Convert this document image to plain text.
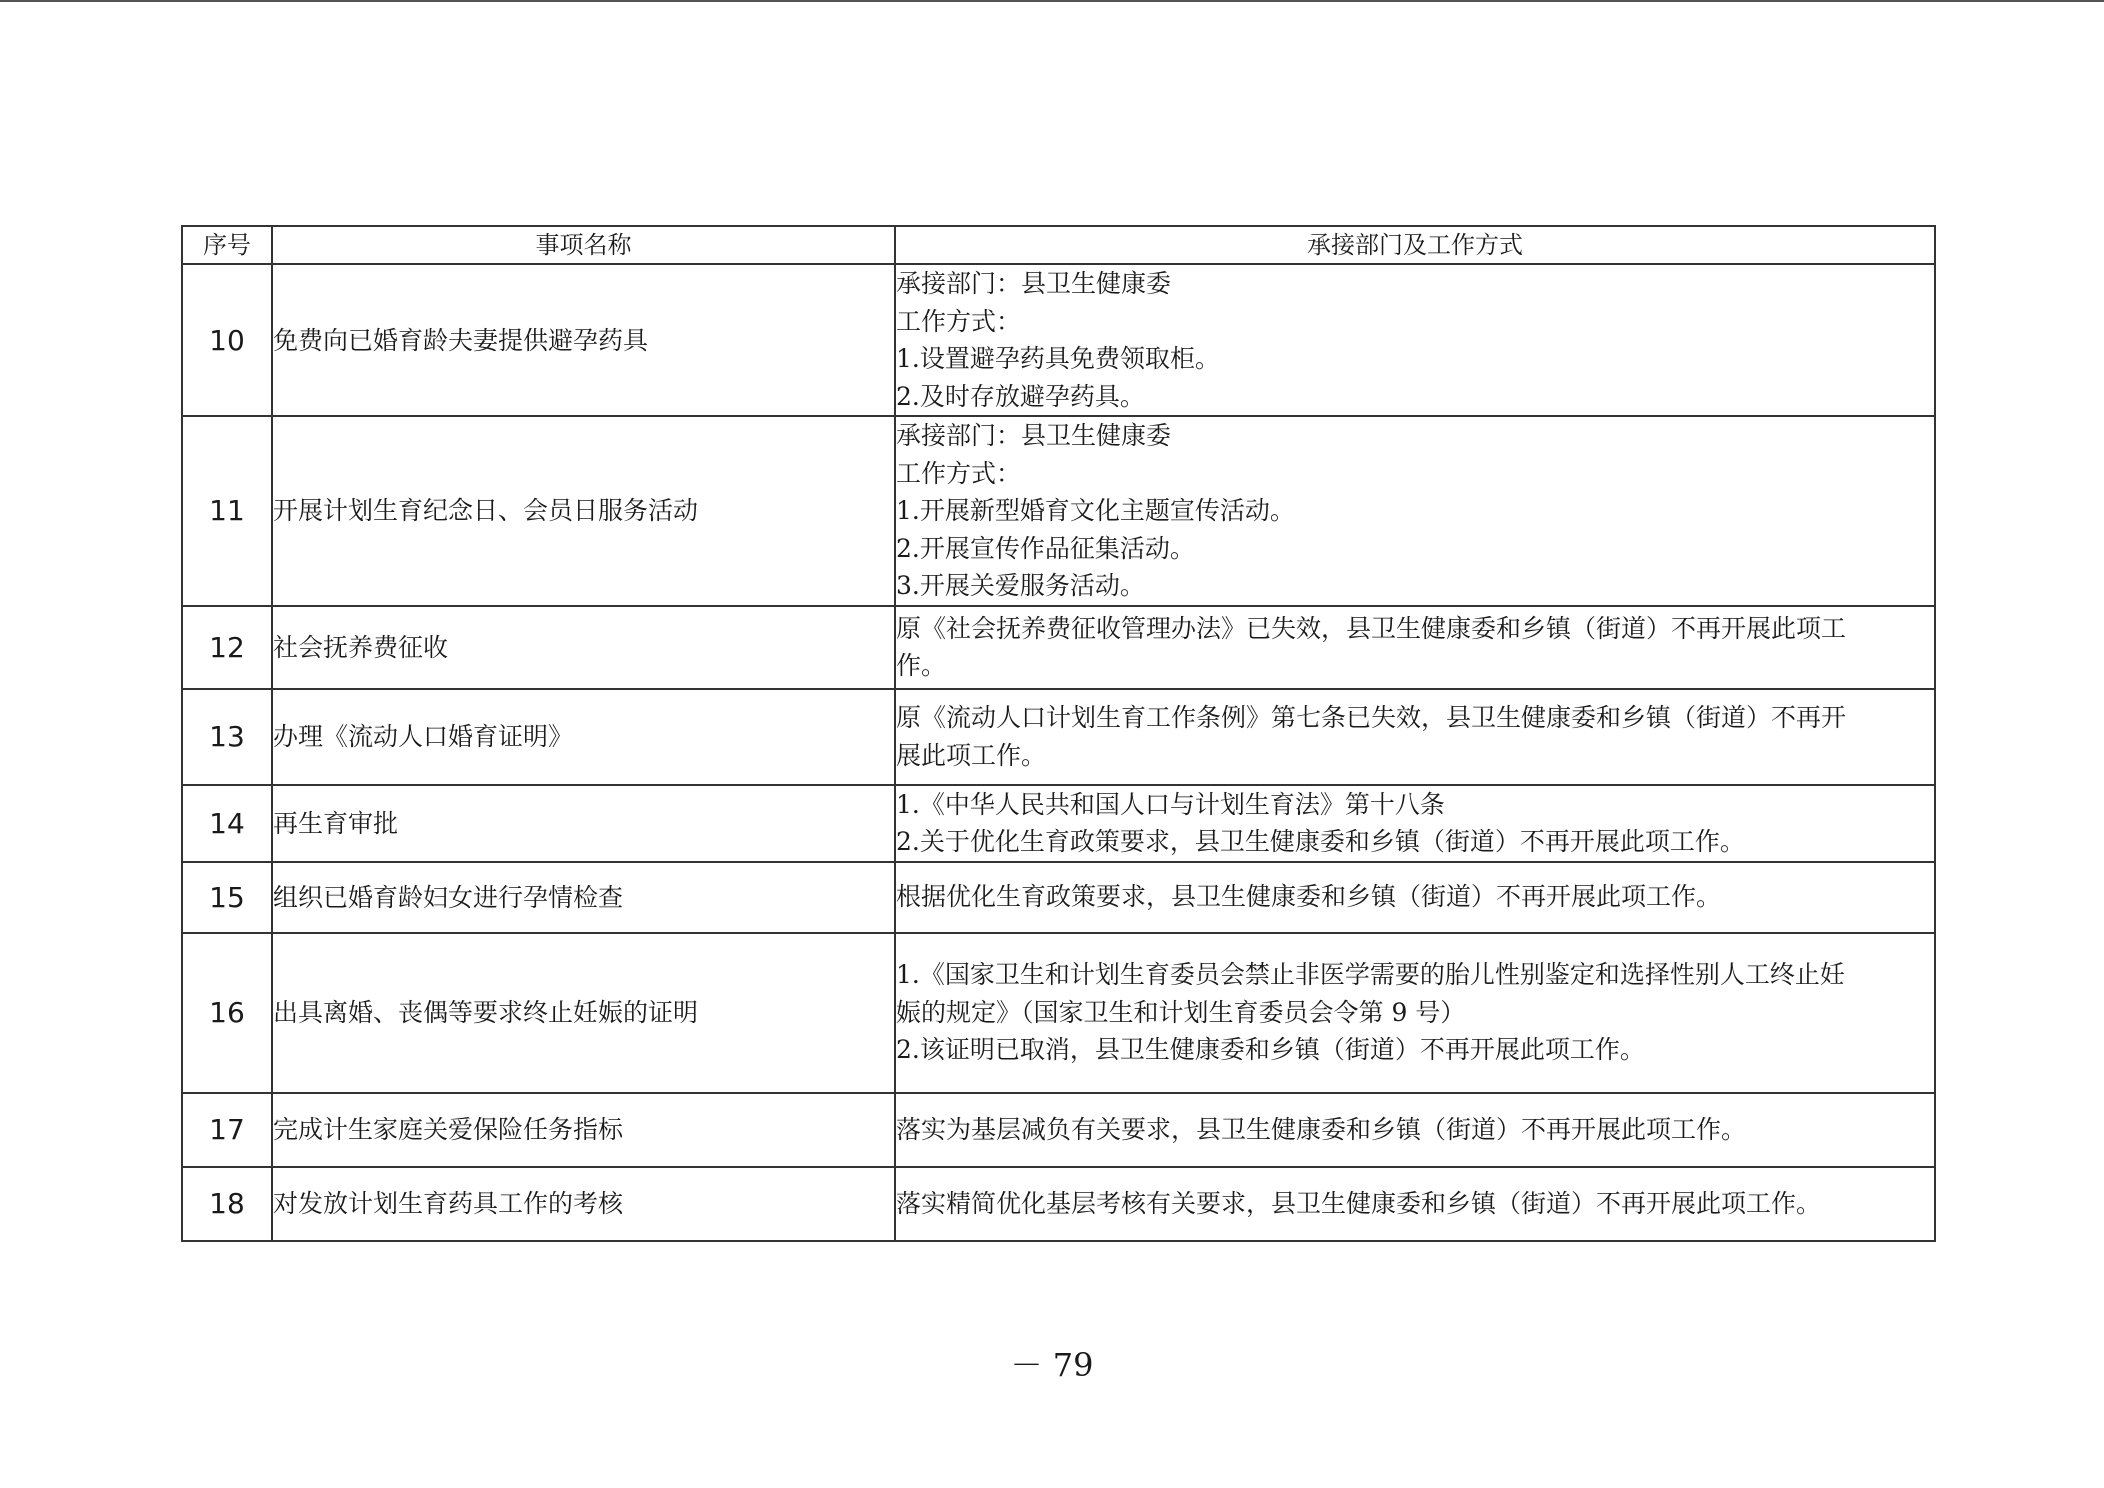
序号	事项名称	承接部门及工作方式
10	免费向已婚育龄夫妻提供避孕药具	承接部门：县卫生健康委
工作方式：
1.设置避孕药具免费领取柜。
2.及时存放避孕药具。

11	开展计划生育纪念日、会员日服务活动	承接部门：县卫生健康委
工作方式：
1.开展新型婚育文化主题宣传活动。
2.开展宣传作品征集活动。
3.开展关爱服务活动。

12	社会抚养费征收	原《社会抚养费征收管理办法》已失效，县卫生健康委和乡镇（街道）不再开展此项工
作。

13	办理《流动人口婚育证明》	原《流动人口计划生育工作条例》第七条已失效，县卫生健康委和乡镇（街道）不再开
展此项工作。

14	再生育审批	1.《中华人民共和国人口与计划生育法》第十八条
2.关于优化生育政策要求，县卫生健康委和乡镇（街道）不再开展此项工作。

15	组织已婚育龄妇女进行孕情检查	根据优化生育政策要求，县卫生健康委和乡镇（街道）不再开展此项工作。

16	出具离婚、丧偶等要求终止妊娠的证明	1.《国家卫生和计划生育委员会禁止非医学需要的胎儿性别鉴定和选择性别人工终止妊
娠的规定》（国家卫生和计划生育委员会令第 9 号）
2.该证明已取消，县卫生健康委和乡镇（街道）不再开展此项工作。

17	完成计生家庭关爱保险任务指标	落实为基层减负有关要求，县卫生健康委和乡镇（街道）不再开展此项工作。

18	对发放计划生育药具工作的考核	落实精简优化基层考核有关要求，县卫生健康委和乡镇（街道）不再开展此项工作。
－ 79
